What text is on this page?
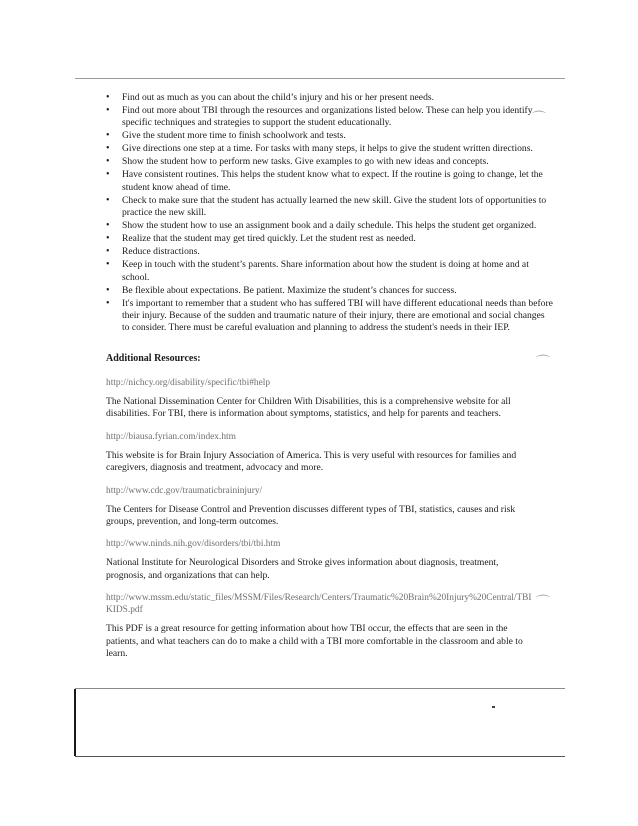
• Find out as much as you can about the child’s injury and his or her present needs.
• Find out more about TBI through the resources and organizations listed below. These can help you identify specific techniques and strategies to support the student educationally.
• Give the student more time to finish schoolwork and tests.
• Give directions one step at a time. For tasks with many steps, it helps to give the student written directions.
• Show the student how to perform new tasks. Give examples to go with new ideas and concepts.
• Have consistent routines. This helps the student know what to expect. If the routine is going to change, let the student know ahead of time.
• Check to make sure that the student has actually learned the new skill. Give the student lots of opportunities to practice the new skill.
• Show the student how to use an assignment book and a daily schedule. This helps the student get organized.
• Realize that the student may get tired quickly. Let the student rest as needed.
• Reduce distractions.
• Keep in touch with the student’s parents. Share information about how the student is doing at home and at school.
• Be flexible about expectations. Be patient. Maximize the student’s chances for success.
• It's important to remember that a student who has suffered TBI will have different educational needs than before their injury. Because of the sudden and traumatic nature of their injury, there are emotional and social changes to consider. There must be careful evaluation and planning to address the student's needs in their IEP.

Additional Resources:

http://nichcy.org/disability/specific/tbi#help

The National Dissemination Center for Children With Disabilities, this is a comprehensive website for all disabilities. For TBI, there is information about symptoms, statistics, and help for parents and teachers.

http://biausa.fyrian.com/index.htm

This website is for Brain Injury Association of America. This is very useful with resources for families and caregivers, diagnosis and treatment, advocacy and more.

http://www.cdc.gov/traumaticbraininjury/

The Centers for Disease Control and Prevention discusses different types of TBI, statistics, causes and risk groups, prevention, and long-term outcomes.

http://www.ninds.nih.gov/disorders/tbi/tbi.htm

National Institute for Neurological Disorders and Stroke gives information about diagnosis, treatment, prognosis, and organizations that can help.

http://www.mssm.edu/static_files/MSSM/Files/Research/Centers/Traumatic%20Brain%20Injury%20Central/TBIKIDS.pdf

This PDF is a great resource for getting information about how TBI occur, the effects that are seen in the patients, and what teachers can do to make a child with a TBI more comfortable in the classroom and able to learn.

⌒
⌒
⌒
